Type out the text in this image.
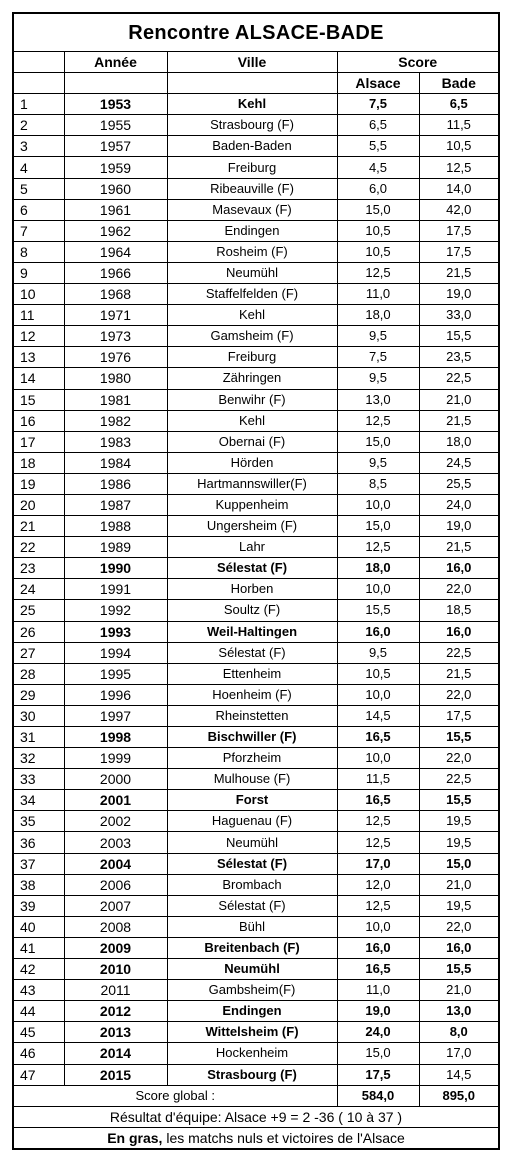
Rencontre ALSACE-BADE				
	Année	Ville	Score	
			Alsace	Bade
1	1953	Kehl	7,5	6,5
2	1955	Strasbourg (F)	6,5	11,5
3	1957	Baden-Baden	5,5	10,5
4	1959	Freiburg	4,5	12,5
5	1960	Ribeauville (F)	6,0	14,0
6	1961	Masevaux (F)	15,0	42,0
7	1962	Endingen	10,5	17,5
8	1964	Rosheim (F)	10,5	17,5
9	1966	Neumühl	12,5	21,5
10	1968	Staffelfelden (F)	11,0	19,0
11	1971	Kehl	18,0	33,0
12	1973	Gamsheim (F)	9,5	15,5
13	1976	Freiburg	7,5	23,5
14	1980	Zähringen	9,5	22,5
15	1981	Benwihr (F)	13,0	21,0
16	1982	Kehl	12,5	21,5
17	1983	Obernai (F)	15,0	18,0
18	1984	Hörden	9,5	24,5
19	1986	Hartmannswiller(F)	8,5	25,5
20	1987	Kuppenheim	10,0	24,0
21	1988	Ungersheim (F)	15,0	19,0
22	1989	Lahr	12,5	21,5
23	1990	Sélestat (F)	18,0	16,0
24	1991	Horben	10,0	22,0
25	1992	Soultz (F)	15,5	18,5
26	1993	Weil-Haltingen	16,0	16,0
27	1994	Sélestat (F)	9,5	22,5
28	1995	Ettenheim	10,5	21,5
29	1996	Hoenheim (F)	10,0	22,0
30	1997	Rheinstetten	14,5	17,5
31	1998	Bischwiller (F)	16,5	15,5
32	1999	Pforzheim	10,0	22,0
33	2000	Mulhouse (F)	11,5	22,5
34	2001	Forst	16,5	15,5
35	2002	Haguenau (F)	12,5	19,5
36	2003	Neumühl	12,5	19,5
37	2004	Sélestat (F)	17,0	15,0
38	2006	Brombach	12,0	21,0
39	2007	Sélestat (F)	12,5	19,5
40	2008	Bühl	10,0	22,0
41	2009	Breitenbach (F)	16,0	16,0
42	2010	Neumühl	16,5	15,5
43	2011	Gambsheim(F)	11,0	21,0
44	2012	Endingen	19,0	13,0
45	2013	Wittelsheim (F)	24,0	8,0
46	2014	Hockenheim	15,0	17,0
47	2015	Strasbourg (F)	17,5	14,5
Score global :			584,0	895,0
Résultat d'équipe: Alsace +9 = 2 -36 ( 10 à 37 )				
En gras, les matchs nuls et victoires de l'Alsace				
